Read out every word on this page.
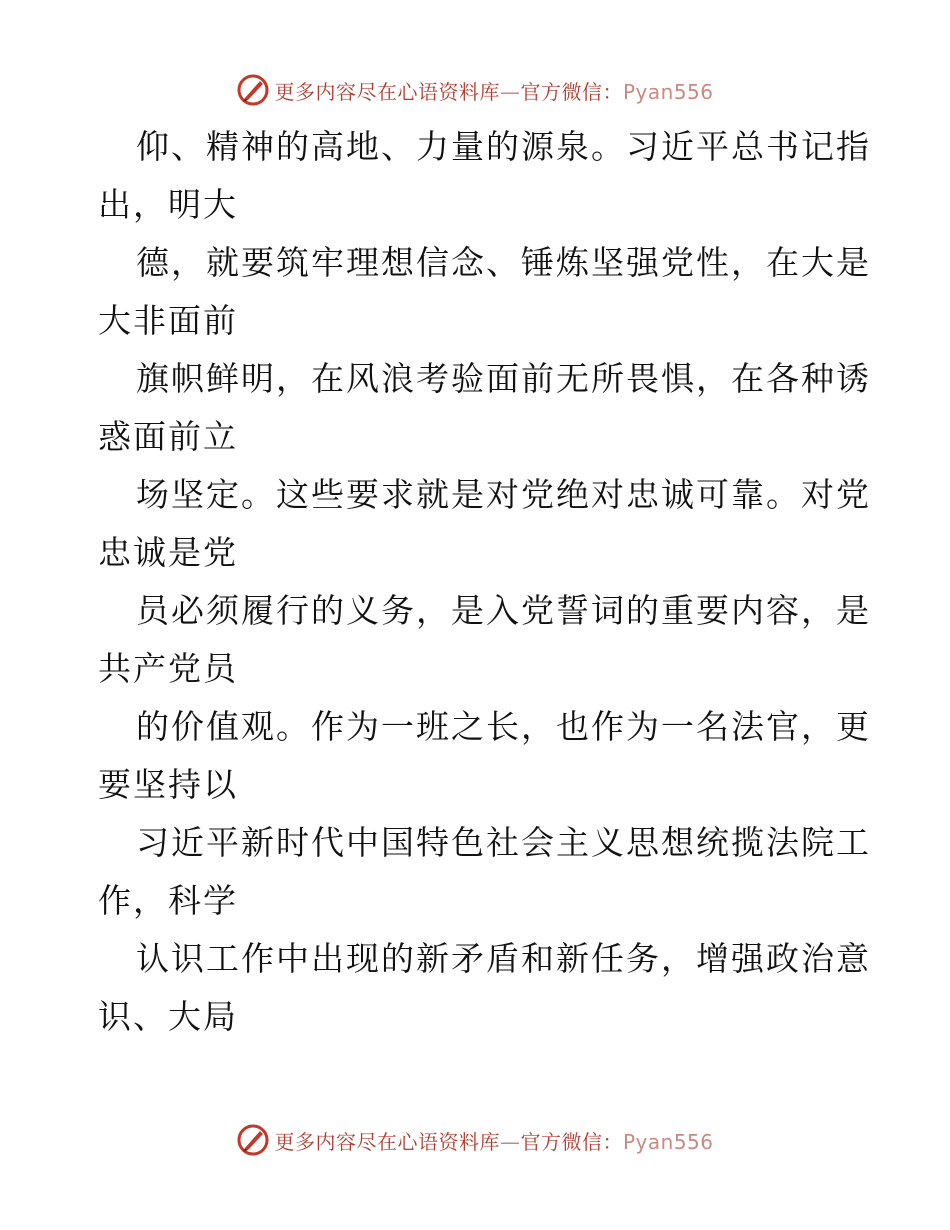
更多内容尽在心语资料库—官方微信：Pyan556
仰、精神的高地、力量的源泉。习近平总书记指
出，明大
德，就要筑牢理想信念、锤炼坚强党性，在大是
大非面前
旗帜鲜明，在风浪考验面前无所畏惧，在各种诱
惑面前立
场坚定。这些要求就是对党绝对忠诚可靠。对党
忠诚是党
员必须履行的义务，是入党誓词的重要内容，是
共产党员
的价值观。作为一班之长，也作为一名法官，更
要坚持以
习近平新时代中国特色社会主义思想统揽法院工
作，科学
认识工作中出现的新矛盾和新任务，增强政治意
识、大局
更多内容尽在心语资料库—官方微信：Pyan556
